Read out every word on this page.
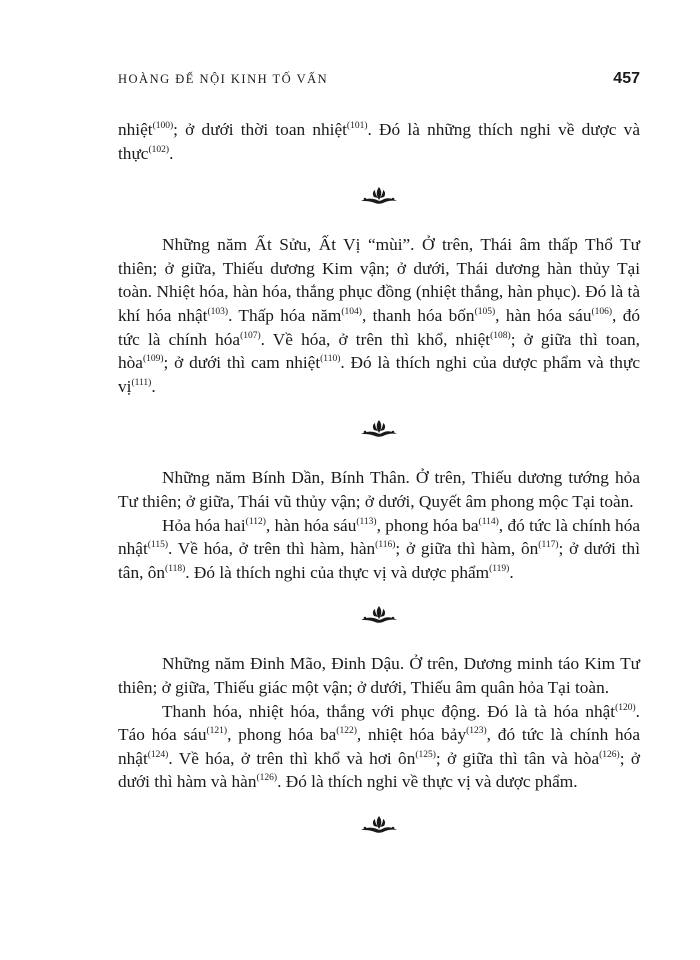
HOÀNG ĐẾ NỘI KINH TỐ VẤN	457

nhiệt$^{(100)}$; ở dưới thời toan nhiệt$^{(101)}$. Đó là những thích nghi về dược và thực$^{(102)}$.

Những năm Ất Sửu, Ất Vị “mùi”. Ở trên, Thái âm thấp Thổ Tư thiên; ở giữa, Thiếu dương Kim vận; ở dưới, Thái dương hàn thủy Tại toàn. Nhiệt hóa, hàn hóa, thắng phục đồng (nhiệt thắng, hàn phục). Đó là tà khí hóa nhật$^{(103)}$. Thấp hóa năm$^{(104)}$, thanh hóa bốn$^{(105)}$, hàn hóa sáu$^{(106)}$, đó tức là chính hóa$^{(107)}$. Về hóa, ở trên thì khổ, nhiệt$^{(108)}$; ở giữa thì toan, hòa$^{(109)}$; ở dưới thì cam nhiệt$^{(110)}$. Đó là thích nghi của dược phẩm và thực vị$^{(111)}$.

Những năm Bính Dần, Bính Thân. Ở trên, Thiếu dương tướng hỏa Tư thiên; ở giữa, Thái vũ thủy vận; ở dưới, Quyết âm phong mộc Tại toàn.

Hỏa hóa hai$^{(112)}$, hàn hóa sáu$^{(113)}$, phong hóa $ba^{(114)}$, đó tức là chính hóa nhật$^{(115)}$. Về hóa, ở trên thì hàm, hàn$^{(116)}$; ở giữa thì hàm, $ôn^{(117)}$; ở dưới thì tân, $ôn^{(118)}$. Đó là thích nghi của thực vị và dược phẩm$^{(119)}$.

Những năm Đinh Mão, Đinh Dậu. Ở trên, Dương minh táo Kim Tư thiên; ở giữa, Thiếu giác một vận; ở dưới, Thiếu âm quân hỏa Tại toàn.

Thanh hóa, nhiệt hóa, thắng với phục động. Đó là tà hóa nhật$^{(120)}$. Táo hóa sáu$^{(121)}$, phong hóa $ba^{(122)}$, nhiệt hóa bảy$^{(123)}$, đó tức là chính hóa nhật$^{(124)}$. Về hóa, ở trên thì khổ và hơi $ôn^{(125)}$; ở giữa thì tân và hòa$^{(126)}$; ở dưới thì hàm và hàn$^{(126)}$. Đó là thích nghi về thực vị và dược phẩm.
